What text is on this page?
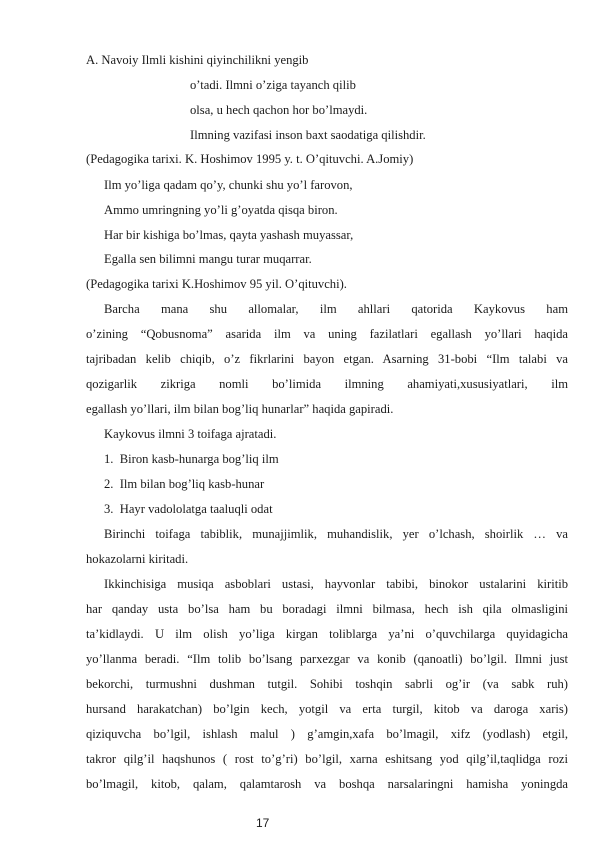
A. Navoiy Ilmli kishini qiyinchilikni yengib
o’tadi. Ilmni o’ziga tayanch qilib
olsa, u hech qachon hor bo’lmaydi.
Ilmning vazifasi inson baxt saodatiga qilishdir.
(Pedagogika tarixi. K. Hoshimov 1995 y. t. O’qituvchi. A.Jomiy)
Ilm yo’liga qadam qo’y, chunki shu yo’l farovon,
Ammo umringning yo’li g’oyatda qisqa biron.
Har bir kishiga bo’lmas, qayta yashash muyassar,
Egalla sen bilimni mangu turar muqarrar.
(Pedagogika tarixi K.Hoshimov 95 yil. O’qituvchi).
Barcha mana shu allomalar, ilm ahllari qatorida Kaykovus ham
o’zining “Qobusnoma” asarida ilm va uning fazilatlari egallash yo’llari haqida
tajribadan kelib chiqib, o’z fikrlarini bayon etgan. Asarning 31-bobi “Ilm talabi va
qozigarlik zikriga nomli bo’limida ilmning ahamiyati,xususiyatlari, ilm
egallash yo’llari, ilm bilan bog’liq hunarlar” haqida gapiradi.
Kaykovus ilmni 3 toifaga ajratadi.
1.  Biron kasb-hunarga bog’liq ilm
2.  Ilm bilan bog’liq kasb-hunar
3.  Hayr vadololatga taaluqli odat
Birinchi toifaga tabiblik, munajjimlik, muhandislik, yer o’lchash, shoirlik … va
hokazolarni kiritadi.
Ikkinchisiga musiqa asboblari ustasi, hayvonlar tabibi, binokor ustalarini kiritib
har qanday usta bo’lsa ham bu boradagi ilmni bilmasa, hech ish qila olmasligini
ta’kidlaydi. U ilm olish yo’liga kirgan toliblarga ya’ni o’quvchilarga quyidagicha
yo’llanma beradi. “Ilm tolib bo’lsang parxezgar va konib (qanoatli) bo’lgil. Ilmni just
bekorchi, turmushni dushman tutgil. Sohibi toshqin sabrli og’ir (va sabk ruh)
hursand harakatchan) bo’lgin kech, yotgil va erta turgil, kitob va daroga xaris)
qiziquvcha bo’lgil, ishlash malul ) g’amgin,xafa bo’lmagil, xifz (yodlash) etgil,
takror qilg’il haqshunos ( rost to’g’ri) bo’lgil, xarna eshitsang yod qilg’il,taqlidga rozi
bo’lmagil, kitob, qalam, qalamtarosh va boshqa narsalaringni hamisha yoningda
17
